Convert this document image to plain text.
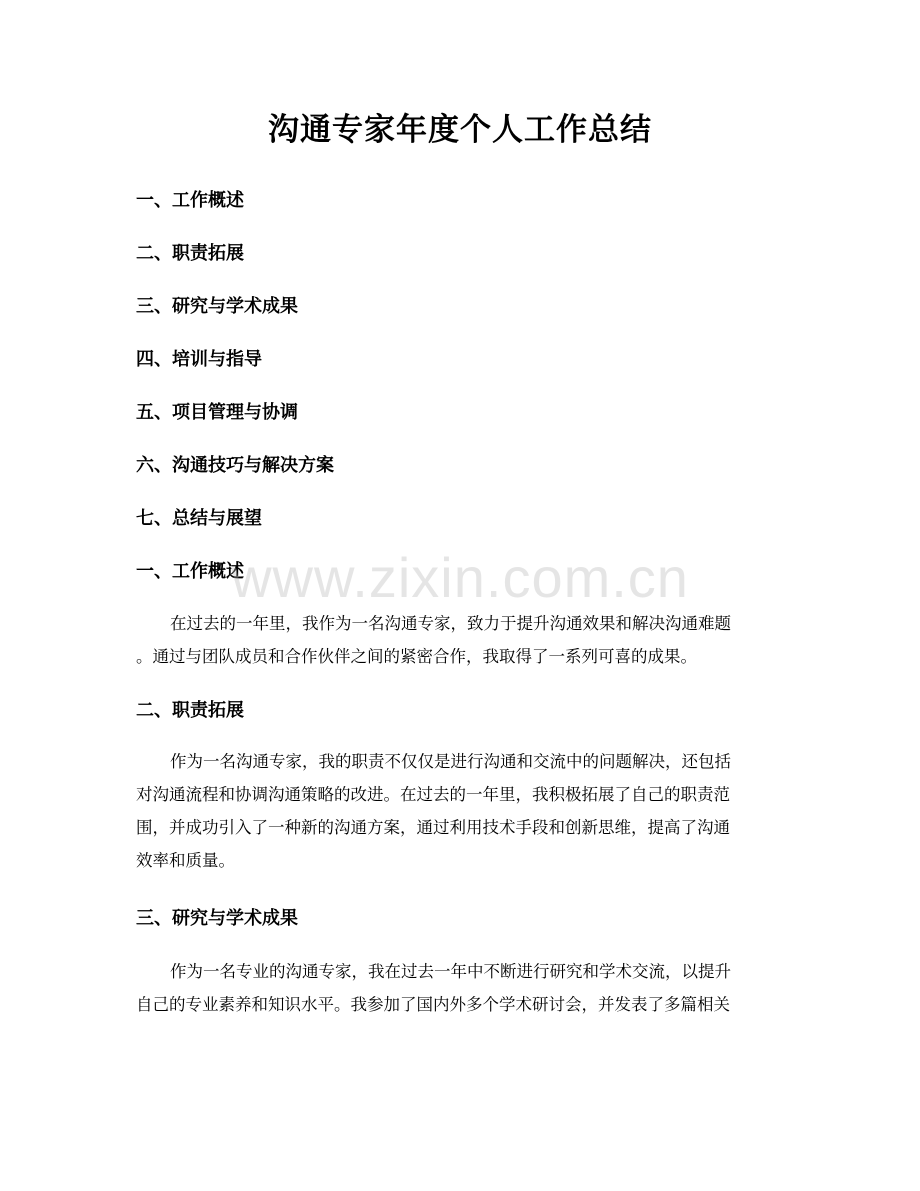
沟通专家年度个人工作总结
一、工作概述
二、职责拓展
三、研究与学术成果
四、培训与指导
五、项目管理与协调
六、沟通技巧与解决方案
七、总结与展望
一、工作概述
在过去的一年里，我作为一名沟通专家，致力于提升沟通效果和解决沟通难题
。通过与团队成员和合作伙伴之间的紧密合作，我取得了一系列可喜的成果。
二、职责拓展
作为一名沟通专家，我的职责不仅仅是进行沟通和交流中的问题解决，还包括
对沟通流程和协调沟通策略的改进。在过去的一年里，我积极拓展了自己的职责范
围，并成功引入了一种新的沟通方案，通过利用技术手段和创新思维，提高了沟通
效率和质量。
三、研究与学术成果
作为一名专业的沟通专家，我在过去一年中不断进行研究和学术交流，以提升
自己的专业素养和知识水平。我参加了国内外多个学术研讨会，并发表了多篇相关
www.zixin.com.cn
